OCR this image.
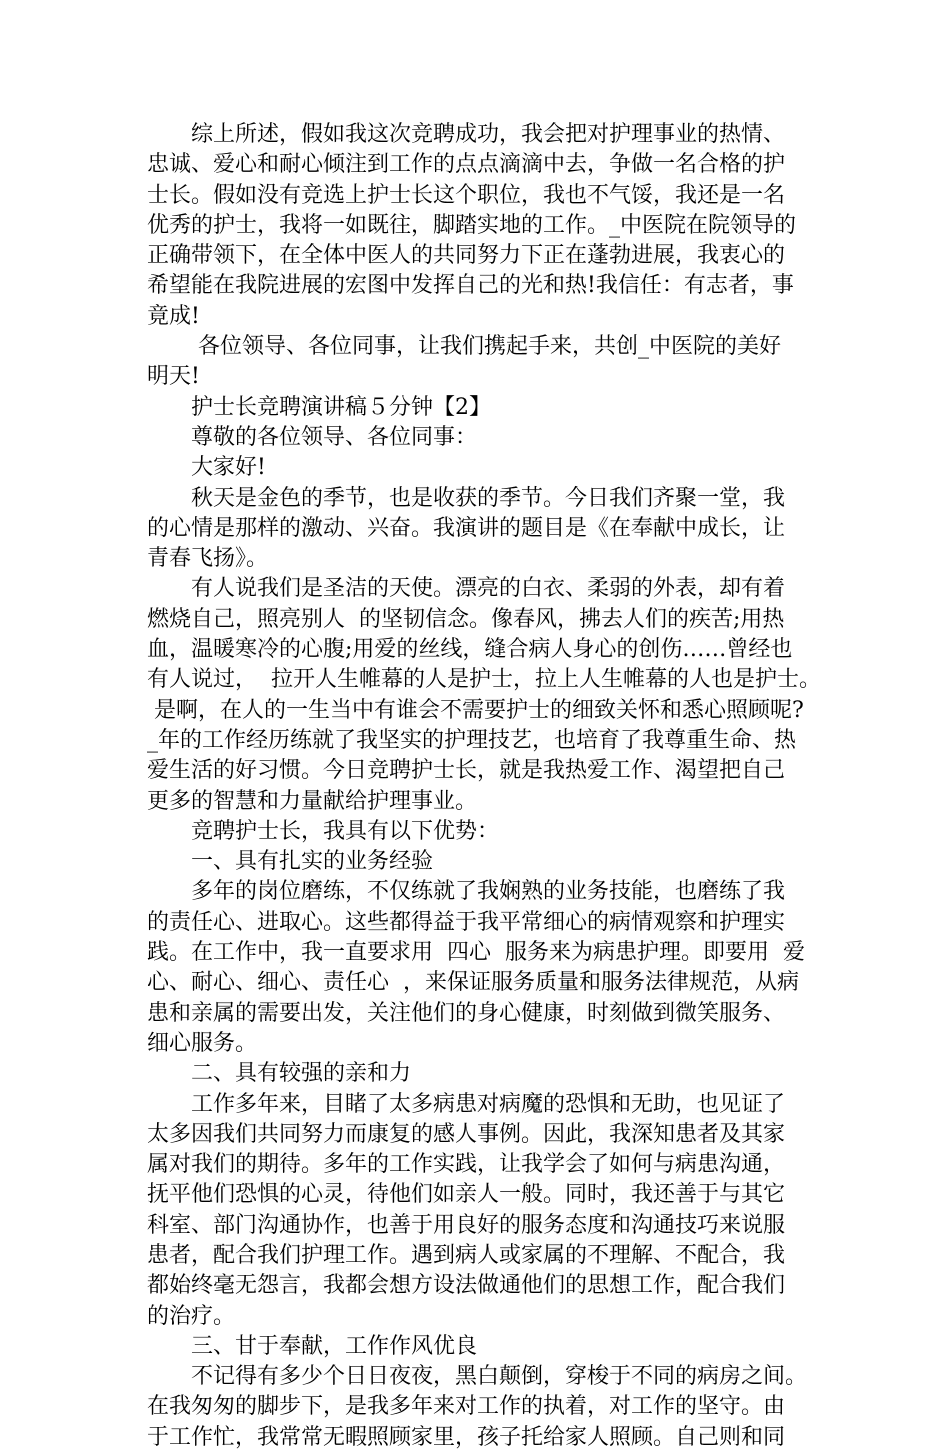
　　综上所述，假如我这次竞聘成功，我会把对护理事业的热情、
忠诚、爱心和耐心倾注到工作的点点滴滴中去，争做一名合格的护
士长。假如没有竞选上护士长这个职位，我也不气馁，我还是一名
优秀的护士，我将一如既往，脚踏实地的工作。_中医院在院领导的
正确带领下，在全体中医人的共同努力下正在蓬勃进展，我衷心的
希望能在我院进展的宏图中发挥自己的光和热!我信任：有志者，事
竟成!
　　 各位领导、各位同事，让我们携起手来，共创_中医院的美好
明天!
　　护士长竞聘演讲稿５分钟【2】
　　尊敬的各位领导、各位同事：
　　大家好!
　　秋天是金色的季节，也是收获的季节。今日我们齐聚一堂，我
的心情是那样的激动、兴奋。我演讲的题目是《在奉献中成长，让
青春飞扬》。
　　有人说我们是圣洁的天使。漂亮的白衣、柔弱的外表，却有着
燃烧自己，照亮别人  的坚韧信念。像春风，拂去人们的疾苦;用热
血，温暖寒冷的心腹;用爱的丝线，缝合病人身心的创伤……曾经也
有人说过，  拉开人生帷幕的人是护士，拉上人生帷幕的人也是护士。
是啊，在人的一生当中有谁会不需要护士的细致关怀和悉心照顾呢?
_年的工作经历练就了我坚实的护理技艺，也培育了我尊重生命、热
爱生活的好习惯。今日竞聘护士长，就是我热爱工作、渴望把自己
更多的智慧和力量献给护理事业。
　　竞聘护士长，我具有以下优势：
　　一、具有扎实的业务经验
　　多年的岗位磨练，不仅练就了我娴熟的业务技能，也磨练了我
的责任心、进取心。这些都得益于我平常细心的病情观察和护理实
践。在工作中，我一直要求用  四心  服务来为病患护理。即要用  爱
心、耐心、细心、责任心  ，来保证服务质量和服务法律规范，从病
患和亲属的需要出发，关注他们的身心健康，时刻做到微笑服务、
细心服务。
　　二、具有较强的亲和力
　　工作多年来，目睹了太多病患对病魔的恐惧和无助，也见证了
太多因我们共同努力而康复的感人事例。因此，我深知患者及其家
属对我们的期待。多年的工作实践，让我学会了如何与病患沟通，
抚平他们恐惧的心灵，待他们如亲人一般。同时，我还善于与其它
科室、部门沟通协作，也善于用良好的服务态度和沟通技巧来说服
患者，配合我们护理工作。遇到病人或家属的不理解、不配合，我
都始终毫无怨言，我都会想方设法做通他们的思想工作，配合我们
的治疗。
　　三、甘于奉献，工作作风优良
　　不记得有多少个日日夜夜，黑白颠倒，穿梭于不同的病房之间。
在我匆匆的脚步下，是我多年来对工作的执着，对工作的坚守。由
于工作忙，我常常无暇照顾家里，孩子托给家人照顾。自己则和同
